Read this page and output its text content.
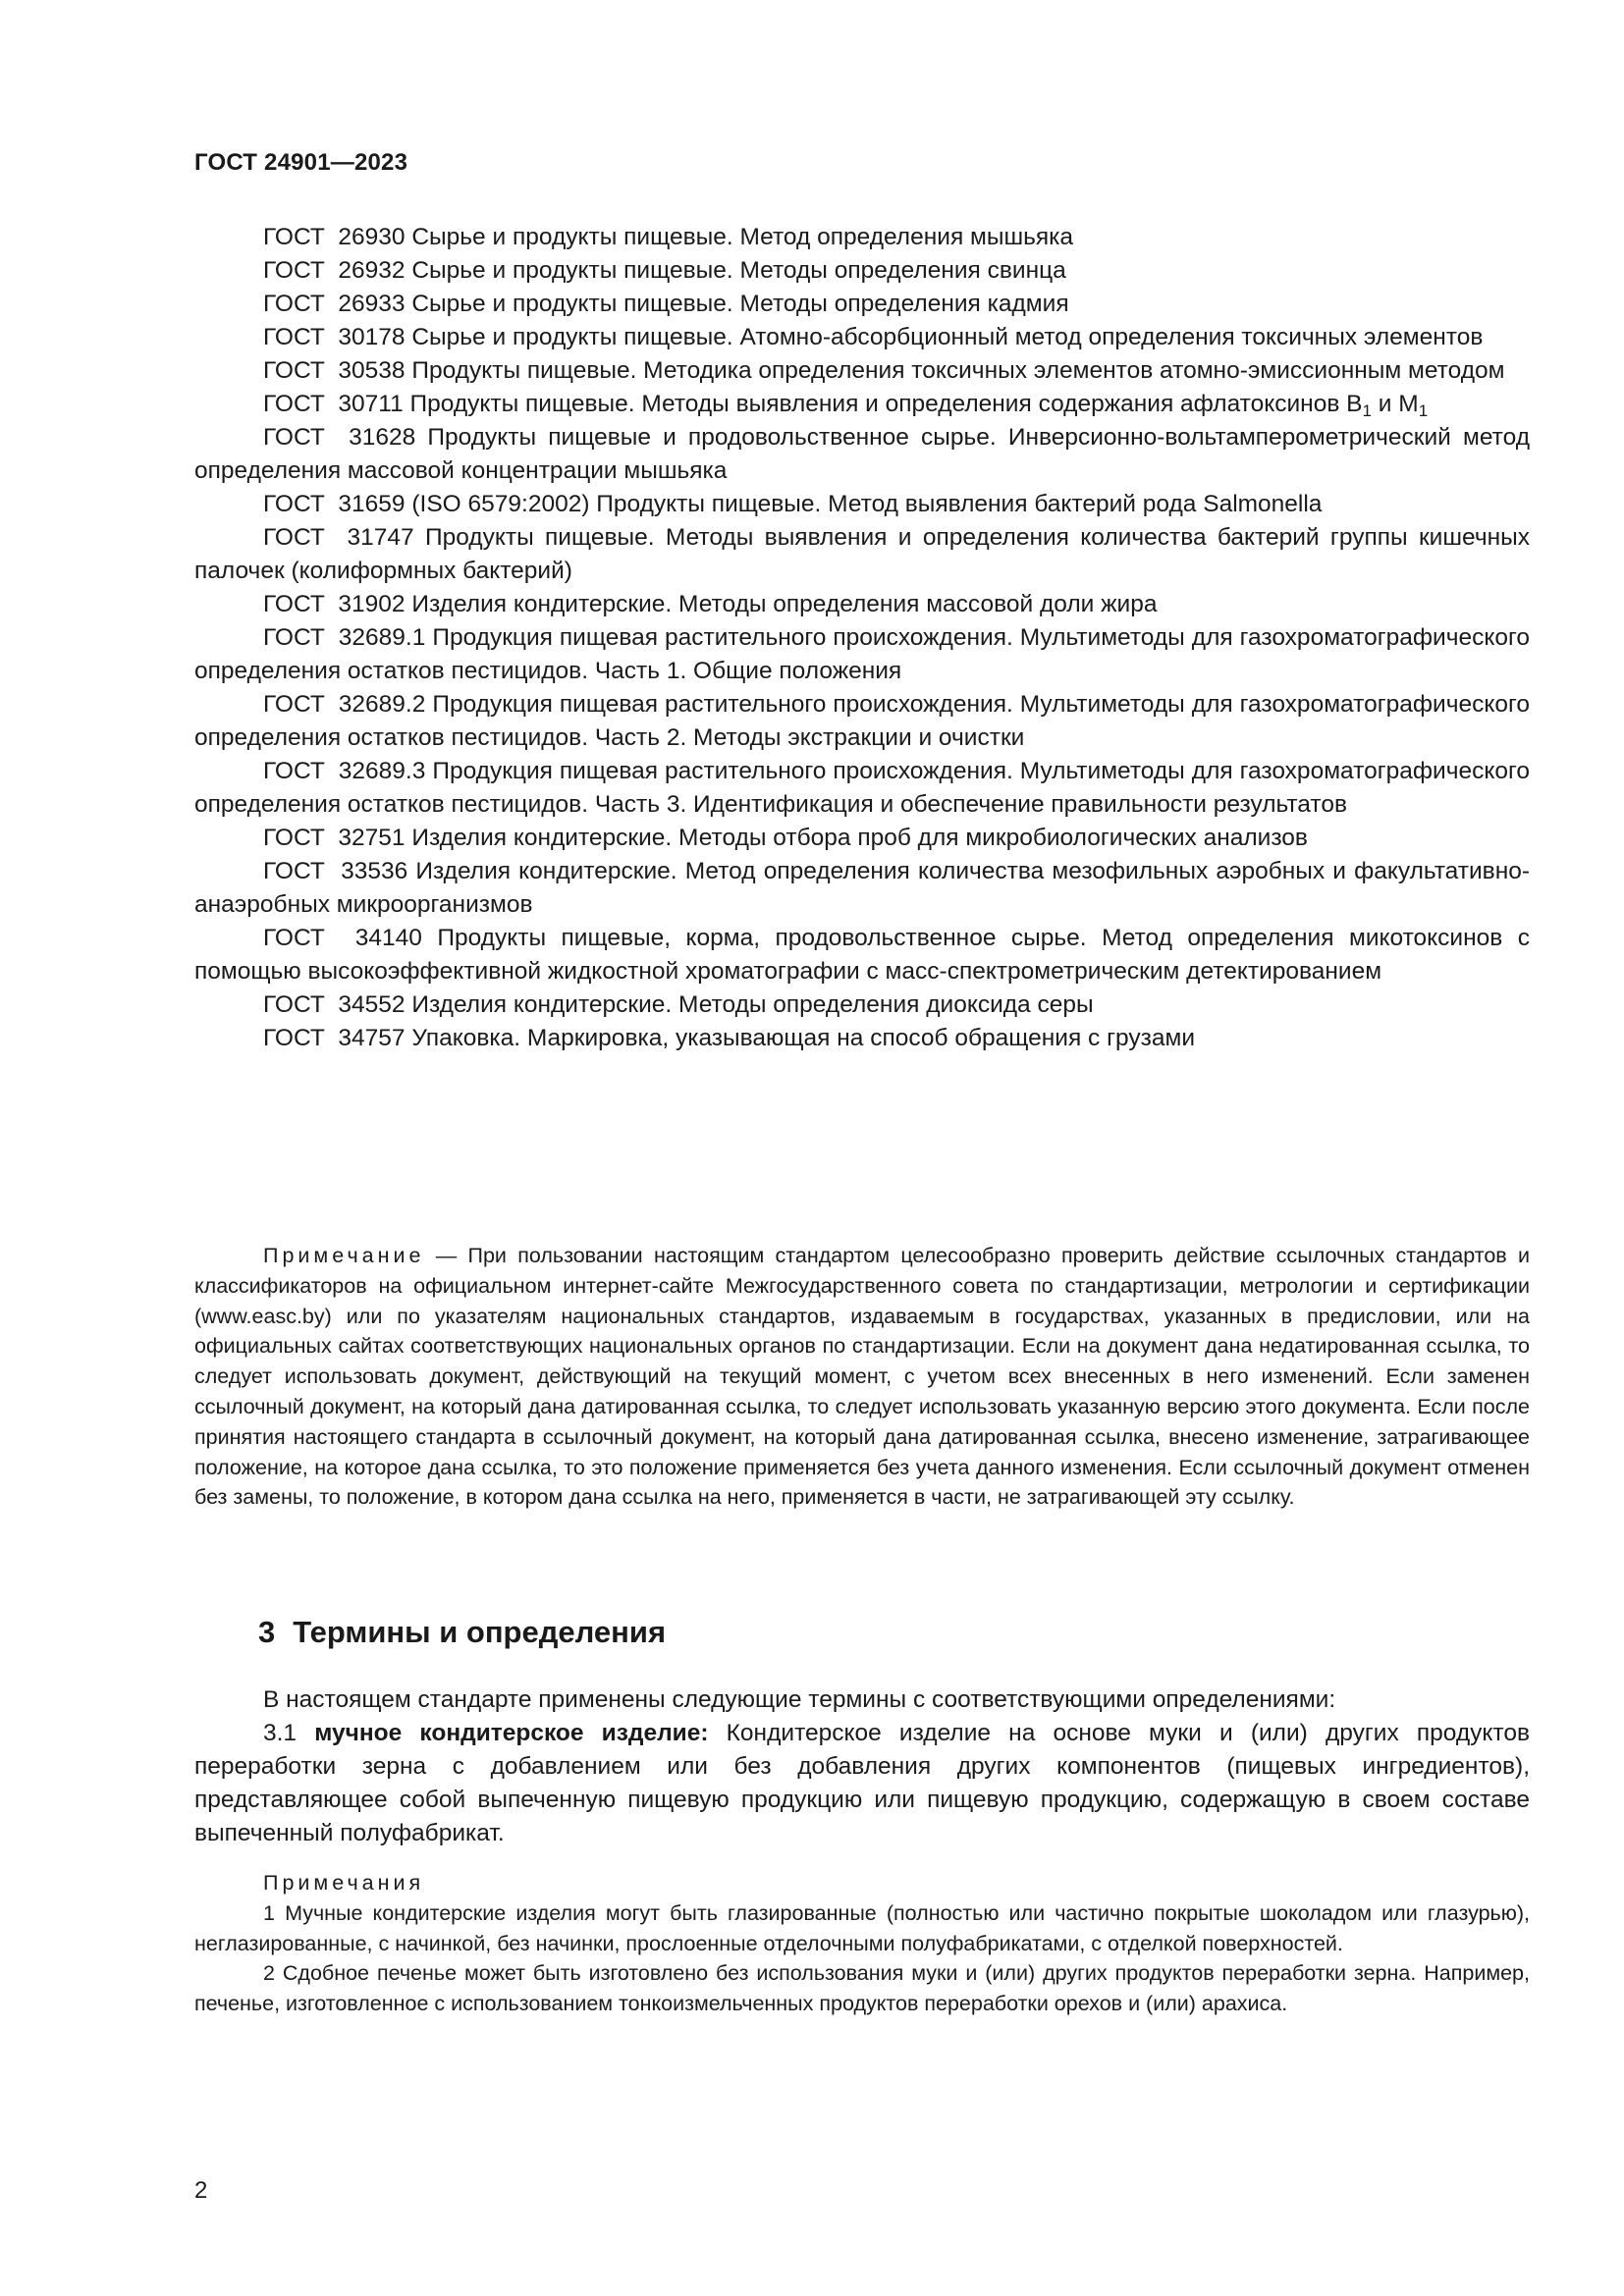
ГОСТ 24901—2023

ГОСТ  26930 Сырье и продукты пищевые. Метод определения мышьяка

ГОСТ  26932 Сырье и продукты пищевые. Методы определения свинца

ГОСТ  26933 Сырье и продукты пищевые. Методы определения кадмия

ГОСТ  30178 Сырье и продукты пищевые. Атомно-абсорбционный метод определения токсичных элементов

ГОСТ  30538 Продукты пищевые. Методика определения токсичных элементов атомно-эмиссионным методом

ГОСТ  30711 Продукты пищевые. Методы выявления и определения содержания афлатоксинов $В_1$ и $М_1$

ГОСТ  31628 Продукты пищевые и продовольственное сырье. Инверсионно-вольтамперометрический метод определения массовой концентрации мышьяка

ГОСТ  31659 (ISO 6579:2002) Продукты пищевые. Метод выявления бактерий рода Salmonella

ГОСТ  31747 Продукты пищевые. Методы выявления и определения количества бактерий группы кишечных палочек (колиформных бактерий)

ГОСТ  31902 Изделия кондитерские. Методы определения массовой доли жира

ГОСТ  32689.1 Продукция пищевая растительного происхождения. Мультиметоды для газохроматографического определения остатков пестицидов. Часть 1. Общие положения

ГОСТ  32689.2 Продукция пищевая растительного происхождения. Мультиметоды для газохроматографического определения остатков пестицидов. Часть 2. Методы экстракции и очистки

ГОСТ  32689.3 Продукция пищевая растительного происхождения. Мультиметоды для газохроматографического определения остатков пестицидов. Часть 3. Идентификация и обеспечение правильности результатов

ГОСТ  32751 Изделия кондитерские. Методы отбора проб для микробиологических анализов

ГОСТ  33536 Изделия кондитерские. Метод определения количества мезофильных аэробных и факультативно-анаэробных микроорганизмов

ГОСТ  34140 Продукты пищевые, корма, продовольственное сырье. Метод определения микотоксинов с помощью высокоэффективной жидкостной хроматографии с масс-спектрометрическим детектированием

ГОСТ  34552 Изделия кондитерские. Методы определения диоксида серы

ГОСТ  34757 Упаковка. Маркировка, указывающая на способ обращения с грузами

Примечание — При пользовании настоящим стандартом целесообразно проверить действие ссылочных стандартов и классификаторов на официальном интернет-сайте Межгосударственного совета по стандартизации, метрологии и сертификации (www.easc.by) или по указателям национальных стандартов, издаваемым в государствах, указанных в предисловии, или на официальных сайтах соответствующих национальных органов по стандартизации. Если на документ дана недатированная ссылка, то следует использовать документ, действующий на текущий момент, с учетом всех внесенных в него изменений. Если заменен ссылочный документ, на который дана датированная ссылка, то следует использовать указанную версию этого документа. Если после принятия настоящего стандарта в ссылочный документ, на который дана датированная ссылка, внесено изменение, затрагивающее положение, на которое дана ссылка, то это положение применяется без учета данного изменения. Если ссылочный документ отменен без замены, то положение, в котором дана ссылка на него, применяется в части, не затрагивающей эту ссылку.

3 Термины и определения

В настоящем стандарте применены следующие термины с соответствующими определениями:

3.1 мучное кондитерское изделие: Кондитерское изделие на основе муки и (или) других продуктов переработки зерна с добавлением или без добавления других компонентов (пищевых ингредиентов), представляющее собой выпеченную пищевую продукцию или пищевую продукцию, содержащую в своем составе выпеченный полуфабрикат.

Примечания

1 Мучные кондитерские изделия могут быть глазированные (полностью или частично покрытые шоколадом или глазурью), неглазированные, с начинкой, без начинки, прослоенные отделочными полуфабрикатами, с отделкой поверхностей.

2 Сдобное печенье может быть изготовлено без использования муки и (или) других продуктов переработки зерна. Например, печенье, изготовленное с использованием тонкоизмельченных продуктов переработки орехов и (или) арахиса.

2
